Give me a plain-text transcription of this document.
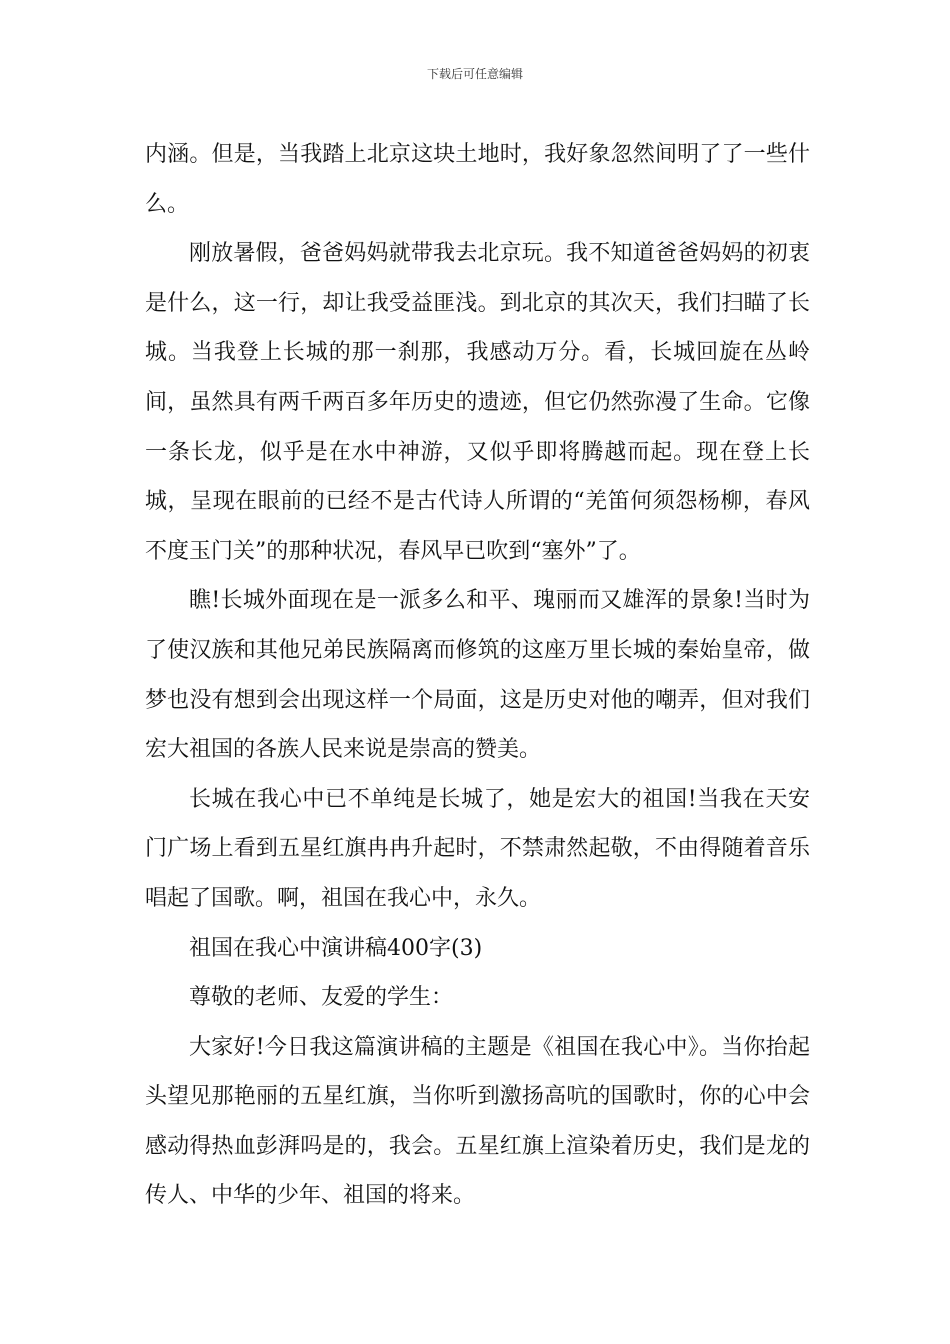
下载后可任意编辑

内涵。但是，当我踏上北京这块土地时，我好象忽然间明了了一些什么。

刚放暑假，爸爸妈妈就带我去北京玩。我不知道爸爸妈妈的初衷是什么，这一行，却让我受益匪浅。到北京的其次天，我们扫瞄了长城。当我登上长城的那一刹那，我感动万分。看，长城回旋在丛岭间，虽然具有两千两百多年历史的遗迹，但它仍然弥漫了生命。它像一条长龙，似乎是在水中神游，又似乎即将腾越而起。现在登上长城，呈现在眼前的已经不是古代诗人所谓的“羌笛何须怨杨柳，春风不度玉门关”的那种状况，春风早已吹到“塞外”了。

瞧!长城外面现在是一派多么和平、瑰丽而又雄浑的景象!当时为了使汉族和其他兄弟民族隔离而修筑的这座万里长城的秦始皇帝，做梦也没有想到会出现这样一个局面，这是历史对他的嘲弄，但对我们宏大祖国的各族人民来说是崇高的赞美。

长城在我心中已不单纯是长城了，她是宏大的祖国!当我在天安门广场上看到五星红旗冉冉升起时，不禁肃然起敬，不由得随着音乐唱起了国歌。啊，祖国在我心中，永久。

祖国在我心中演讲稿400字(3)

尊敬的老师、友爱的学生：

大家好!今日我这篇演讲稿的主题是《祖国在我心中》。当你抬起头望见那艳丽的五星红旗，当你听到激扬高吭的国歌时，你的心中会感动得热血彭湃吗是的，我会。五星红旗上渲染着历史，我们是龙的传人、中华的少年、祖国的将来。
